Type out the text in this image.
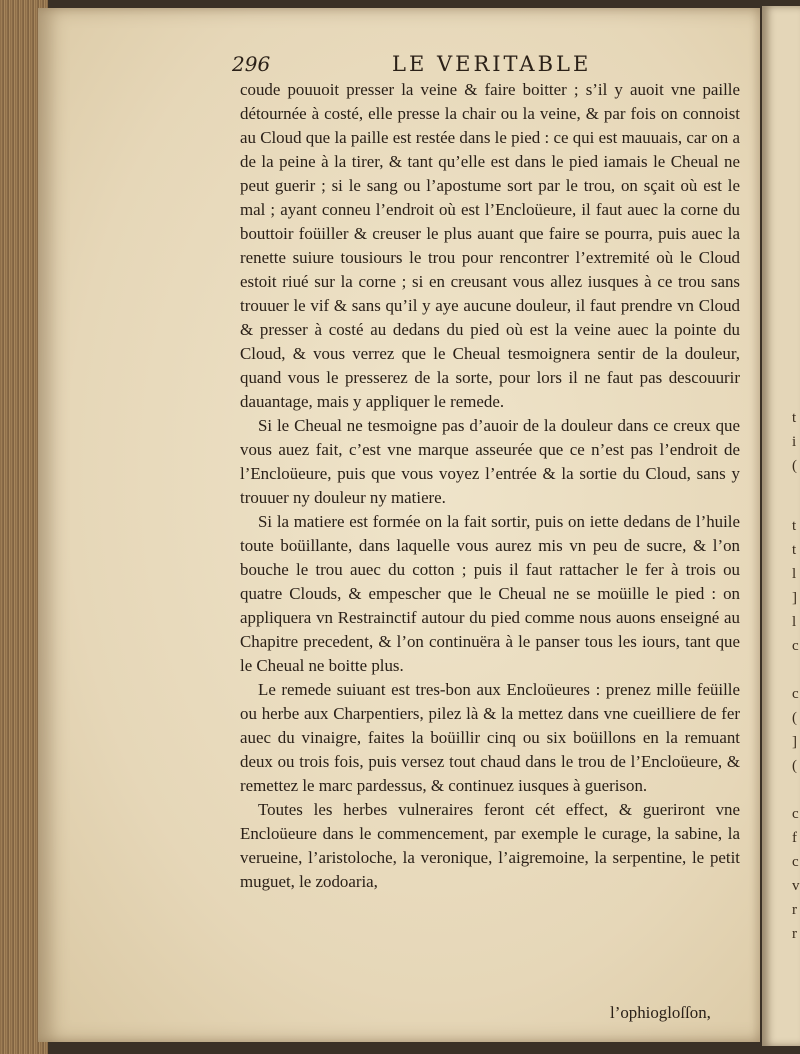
t
i
(
t
t
l
]
l
c
c
(
]
(
c
f
c
v
r
r
296	LE VERITABLE

coude pouuoit presser la veine & faire boitter ; s’il y auoit vne paille détournée à costé, elle presse la chair ou la veine, & par fois on connoist au Cloud que la paille est restée dans le pied : ce qui est mauuais, car on a de la peine à la tirer, & tant qu’elle est dans le pied iamais le Cheual ne peut guerir ; si le sang ou l’apostume sort par le trou, on sçait où est le mal ; ayant conneu l’endroit où est l’Encloüeure, il faut auec la corne du bouttoir foüiller & creuser le plus auant que faire se pourra, puis auec la renette suiure tousiours le trou pour rencontrer l’extremité où le Cloud estoit riué sur la corne ; si en creusant vous allez iusques à ce trou sans trouuer le vif & sans qu’il y aye aucune douleur, il faut prendre vn Cloud & presser à costé au dedans du pied où est la veine auec la pointe du Cloud, & vous verrez que le Cheual tesmoignera sentir de la douleur, quand vous le presserez de la sorte, pour lors il ne faut pas descouurir dauantage, mais y appliquer le remede.

Si le Cheual ne tesmoigne pas d’auoir de la douleur dans ce creux que vous auez fait, c’est vne marque asseurée que ce n’est pas l’endroit de l’Encloüeure, puis que vous voyez l’entrée & la sortie du Cloud, sans y trouuer ny douleur ny matiere.

Si la matiere est formée on la fait sortir, puis on iette dedans de l’huile toute boüillante, dans laquelle vous aurez mis vn peu de sucre, & l’on bouche le trou auec du cotton ; puis il faut rattacher le fer à trois ou quatre Clouds, & empescher que le Cheual ne se moüille le pied : on appliquera vn Restrainctif autour du pied comme nous auons enseigné au Chapitre precedent, & l’on continuëra à le panser tous les iours, tant que le Cheual ne boitte plus.

Le remede suiuant est tres-bon aux Encloüeures : prenez mille feüille ou herbe aux Charpentiers, pilez là & la mettez dans vne cueilliere de fer auec du vinaigre, faites la boüillir cinq ou six boüillons en la remuant deux ou trois fois, puis versez tout chaud dans le trou de l’Encloüeure, & remettez le marc pardessus, & continuez iusques à guerison.

Toutes les herbes vulneraires feront cét effect, & gueriront vne Encloüeure dans le commencement, par exemple le curage, la sabine, la verueine, l’aristoloche, la veronique, l’aigremoine, la serpentine, le petit muguet, le zodoaria,

l’ophiogloſſon,
